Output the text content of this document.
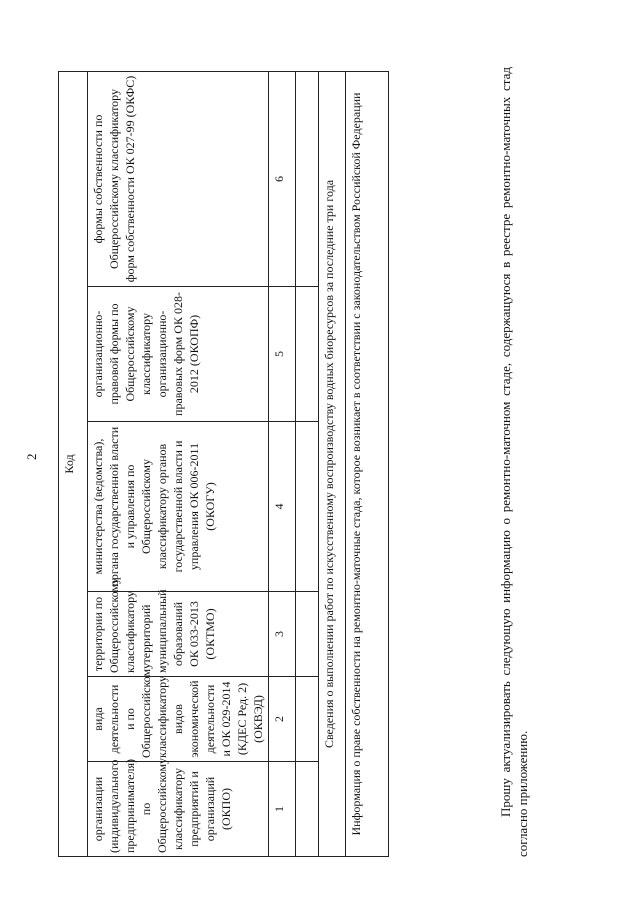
2 Код					
организации (индивидуального предпринимателя) по Общероссийскому классификатору предприятий и организаций (ОКПО)	вида деятельности и по Общероссийскому классификатору видов экономической деятельности и ОК 029-2014 (КДЕС Ред. 2) (ОКВЭД)	территории по Общероссийскому классификатору территорий муниципальный образований ОК 033-2013 (ОКТМО)	министерства (ведомства), органа государственной власти и управления по Общероссийскому классификатору органов государственной власти и управления ОК 006-2011 (ОКОГУ)	организационно-правовой формы по Общероссийскому классификатору организационно-правовых форм ОК 028-2012 (ОКОПФ)	формы собственности по Общероссийскому классификатору форм собственности ОК 027-99 (ОКФС)
1	2	3	4	5	6

Сведения о выполнении работ по искусственному воспроизводству водных биоресурсов за последние три года					
Информация о праве собственности на ремонтно-маточные стада, которое возникает в соответствии с законодательством Российской Федерации						Прошу актуализировать следующую информацию о ремонтно-маточном стаде, содержащуюся в реестре ремонтно-маточных стад согласно приложению.
